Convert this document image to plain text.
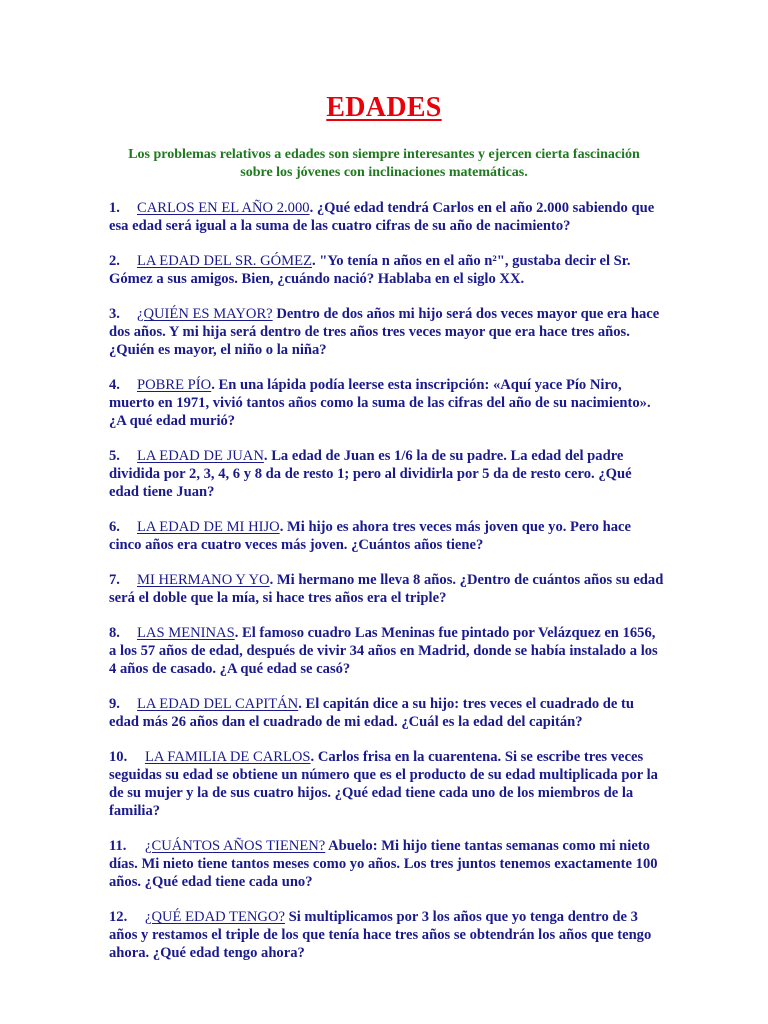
EDADES
Los problemas relativos a edades son siempre interesantes y ejercen cierta fascinación sobre los jóvenes con inclinaciones matemáticas.

1. CARLOS EN EL AÑO 2.000. ¿Qué edad tendrá Carlos en el año 2.000 sabiendo que esa edad será igual a la suma de las cuatro cifras de su año de nacimiento?

2. LA EDAD DEL SR. GÓMEZ. "Yo tenía n años en el año n²", gustaba decir el Sr. Gómez a sus amigos. Bien, ¿cuándo nació? Hablaba en el siglo XX.

3. ¿QUIÉN ES MAYOR? Dentro de dos años mi hijo será dos veces mayor que era hace dos años. Y mi hija será dentro de tres años tres veces mayor que era hace tres años. ¿Quién es mayor, el niño o la niña?

4. POBRE PÍO. En una lápida podía leerse esta inscripción: «Aquí yace Pío Niro, muerto en 1971, vivió tantos años como la suma de las cifras del año de su nacimiento». ¿A qué edad murió?

5. LA EDAD DE JUAN. La edad de Juan es 1/6 la de su padre. La edad del padre dividida por 2, 3, 4, 6 y 8 da de resto 1; pero al dividirla por 5 da de resto cero. ¿Qué edad tiene Juan?

6. LA EDAD DE MI HIJO. Mi hijo es ahora tres veces más joven que yo. Pero hace cinco años era cuatro veces más joven. ¿Cuántos años tiene?

7. MI HERMANO Y YO. Mi hermano me lleva 8 años. ¿Dentro de cuántos años su edad será el doble que la mía, si hace tres años era el triple?

8. LAS MENINAS. El famoso cuadro Las Meninas fue pintado por Velázquez en 1656, a los 57 años de edad, después de vivir 34 años en Madrid, donde se había instalado a los 4 años de casado. ¿A qué edad se casó?

9. LA EDAD DEL CAPITÁN. El capitán dice a su hijo: tres veces el cuadrado de tu edad más 26 años dan el cuadrado de mi edad. ¿Cuál es la edad del capitán?

10. LA FAMILIA DE CARLOS. Carlos frisa en la cuarentena. Si se escribe tres veces seguidas su edad se obtiene un número que es el producto de su edad multiplicada por la de su mujer y la de sus cuatro hijos. ¿Qué edad tiene cada uno de los miembros de la familia?

11. ¿CUÁNTOS AÑOS TIENEN? Abuelo: Mi hijo tiene tantas semanas como mi nieto días. Mi nieto tiene tantos meses como yo años. Los tres juntos tenemos exactamente 100 años. ¿Qué edad tiene cada uno?

12. ¿QUÉ EDAD TENGO? Si multiplicamos por 3 los años que yo tenga dentro de 3 años y restamos el triple de los que tenía hace tres años se obtendrán los años que tengo ahora. ¿Qué edad tengo ahora?
